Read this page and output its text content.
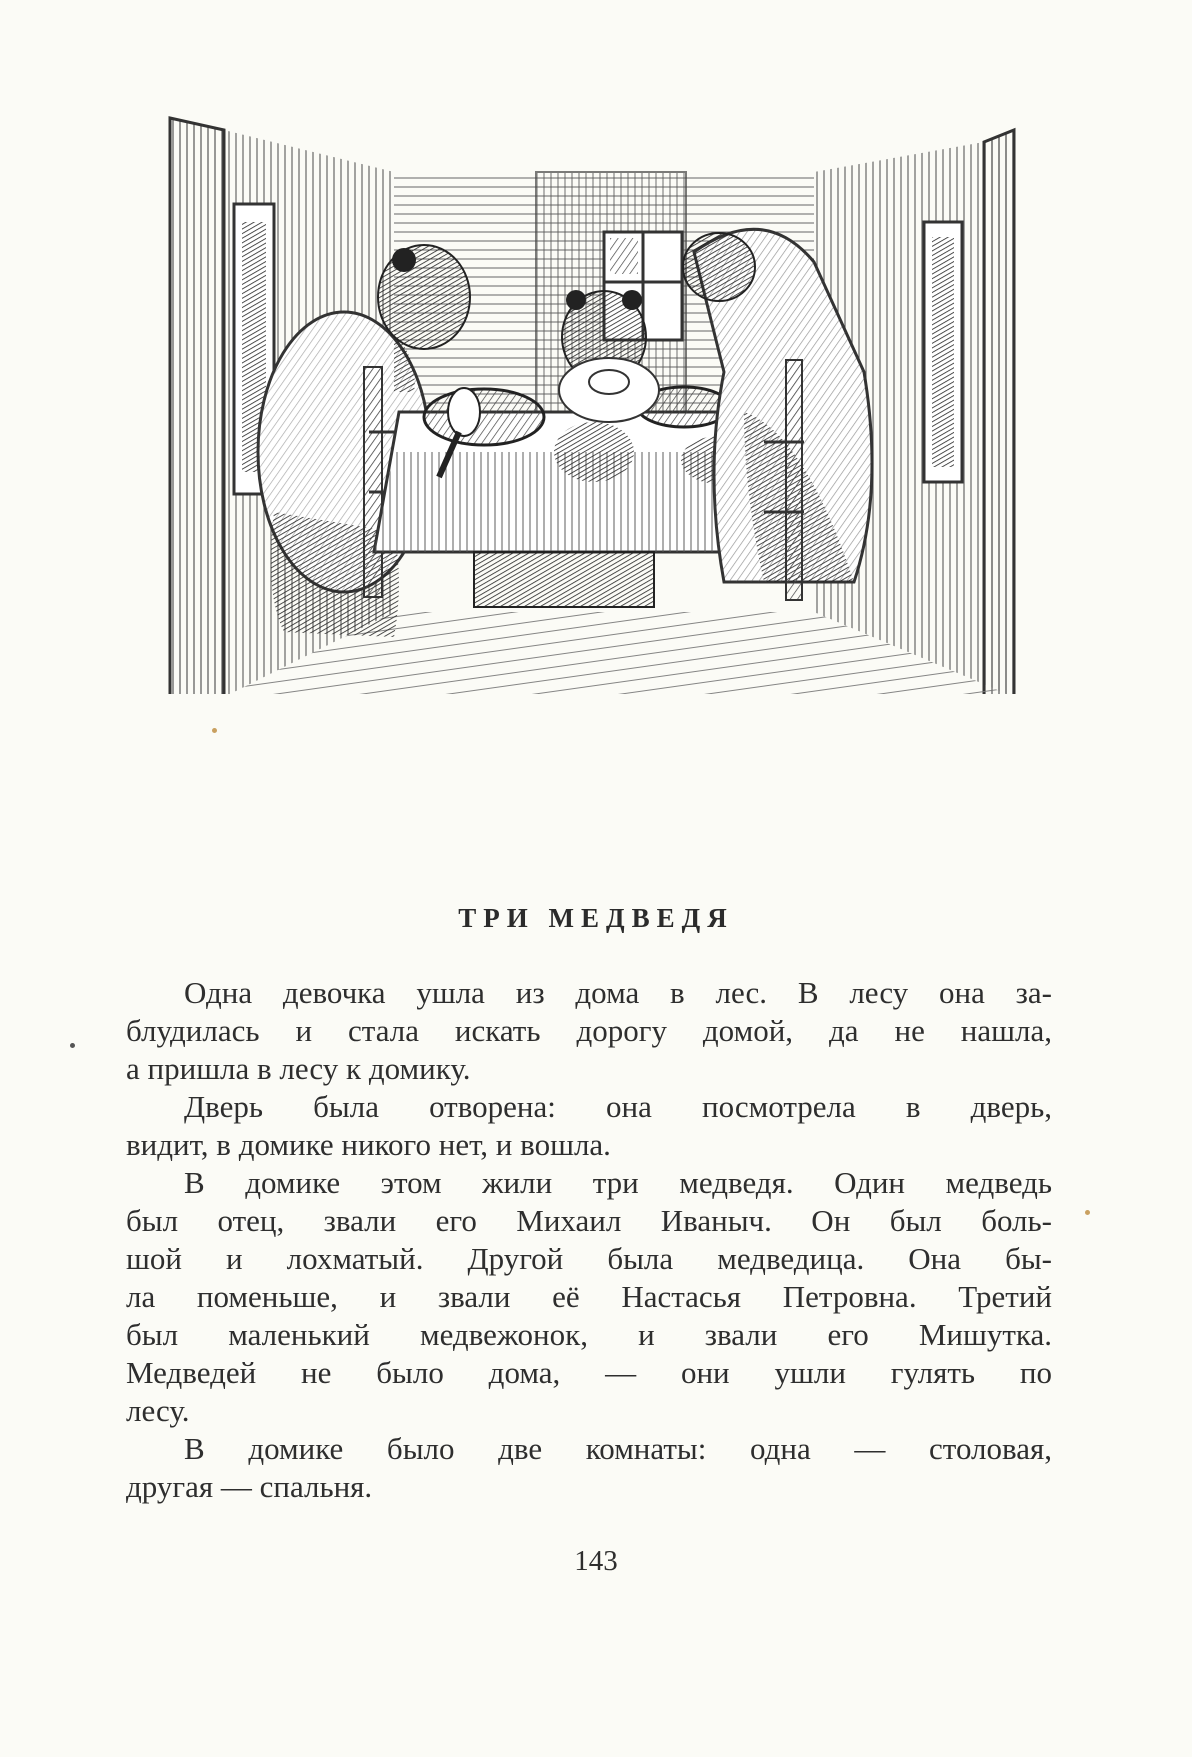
ТРИ МЕДВЕДЯ
Одна девочка ушла из дома в лес. В лесу она за-
блудилась и стала искать дорогу домой, да не нашла,
а пришла в лесу к домику.
Дверь была отворена: она посмотрела в дверь,
видит, в домике никого нет, и вошла.
В домике этом жили три медведя. Один медведь
был отец, звали его Михаил Иваныч. Он был боль-
шой и лохматый. Другой была медведица. Она бы-
ла поменьше, и звали её Настасья Петровна. Третий
был маленький медвежонок, и звали его Мишутка.
Медведей не было дома, — они ушли гулять по
лесу.
В домике было две комнаты: одна — столовая,
другая — спальня.
143
